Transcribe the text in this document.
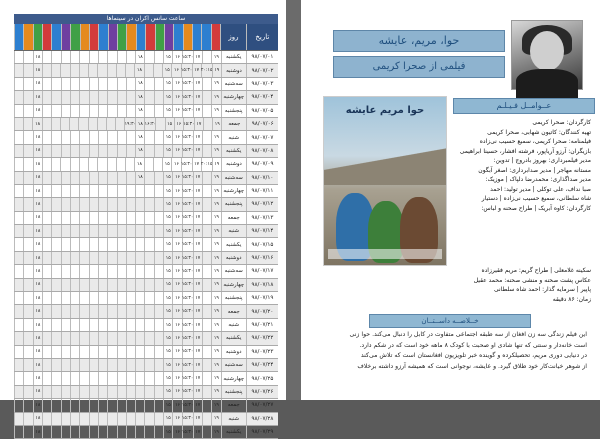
ساعت سانس اکران در سینماها
تاریخ
روز
۹۸/۰۷/۰۱
یکشنبه
۱۹
۱۷
۱۵:۳۰
۱۶
۱۵
۱۸
۱۸
۹۸/۰۷/۰۲
دوشنبه
۱۹
۲۰:۱۵
۱۷
۱۵:۳۰
۱۶
۱۵
۱۸
۱۸
۹۸/۰۷/۰۳
سه‌شنبه
۱۹
۱۷
۱۵:۳۰
۱۶
۱۵
۱۸
۱۸
۹۸/۰۷/۰۴
چهارشنبه
۱۹
۱۷
۱۵:۳۰
۱۶
۱۵
۱۸
۱۸
۹۸/۰۷/۰۵
پنجشنبه
۱۹
۱۷
۱۵:۳۰
۱۶
۱۵
۱۸
۱۸
۹۸/۰۷/۰۶
جمعه
۱۹
۱۷
۱۵:۳۰
۱۶
۱۵
۱۶:۳۰
۱۸
۱۹:۳۰
۱۸
۹۸/۰۷/۰۷
شنبه
۱۹
۱۷
۱۵:۳۰
۱۶
۱۵
۱۸
۱۸
۹۸/۰۷/۰۸
یکشنبه
۱۹
۱۷
۱۵:۳۰
۱۶
۱۵
۱۸
۱۸
۹۸/۰۷/۰۹
دوشنبه
۱۹
۲۰:۱۵
۱۷
۱۵:۳۰
۱۶
۱۵
۱۸
۱۸
۹۸/۰۷/۱۰
سه‌شنبه
۱۹
۱۷
۱۵:۳۰
۱۶
۱۵
۱۸
۱۸
۹۸/۰۷/۱۱
چهارشنبه
۱۹
۱۷
۱۵:۳۰
۱۶
۱۵
۱۸
۹۸/۰۷/۱۲
پنجشنبه
۱۹
۱۷
۱۵:۳۰
۱۶
۱۵
۱۸
۹۸/۰۷/۱۳
جمعه
۱۹
۱۷
۱۵:۳۰
۱۶
۱۵
۱۸
۹۸/۰۷/۱۴
شنبه
۱۹
۱۷
۱۵:۳۰
۱۶
۱۵
۱۸
۹۸/۰۷/۱۵
یکشنبه
۱۹
۱۷
۱۵:۳۰
۱۶
۱۵
۱۸
۹۸/۰۷/۱۶
دوشنبه
۱۹
۱۷
۱۵:۳۰
۱۶
۱۵
۱۸
۹۸/۰۷/۱۷
سه‌شنبه
۱۹
۱۷
۱۵:۳۰
۱۶
۱۵
۱۸
۹۸/۰۷/۱۸
چهارشنبه
۱۹
۱۷
۱۵:۳۰
۱۶
۱۵
۱۸
۹۸/۰۷/۱۹
پنجشنبه
۱۹
۱۷
۱۵:۳۰
۱۶
۱۵
۱۸
۹۸/۰۷/۲۰
جمعه
۱۹
۱۷
۱۵:۳۰
۱۶
۱۵
۱۸
۹۸/۰۷/۲۱
شنبه
۱۹
۱۷
۱۵:۳۰
۱۶
۱۵
۱۸
۹۸/۰۷/۲۲
یکشنبه
۱۹
۱۷
۱۵:۳۰
۱۶
۱۵
۱۸
۹۸/۰۷/۲۳
دوشنبه
۱۹
۱۷
۱۵:۳۰
۱۶
۱۵
۱۸
۹۸/۰۷/۲۴
سه‌شنبه
۱۹
۱۷
۱۵:۳۰
۱۶
۱۵
۱۸
۹۸/۰۷/۲۵
چهارشنبه
۱۹
۱۷
۱۵:۳۰
۱۶
۱۵
۱۸
۹۸/۰۷/۲۶
پنجشنبه
۱۹
۱۷
۱۵:۳۰
۱۶
۱۵
۱۸
۹۸/۰۷/۲۷
جمعه
۱۹
۱۷
۱۵:۳۰
۱۶
۱۵
۱۸
۹۸/۰۷/۲۸
شنبه
۱۹
۱۷
۱۵:۳۰
۱۶
۱۵
۱۸
۹۸/۰۷/۲۹
یکشنبه
۱۹
۱۷
۱۵:۳۰
۱۶
۱۵
۱۸
حوا، مریم، عایشه
فیلمی از صحرا کریمی
حوا مریم عایشه	عــوامــل فـیـلـم
کارگردان: صحرا کریمی
تهیه کنندگان: کاتیون شهابی، صحرا کریمی
فیلمنامه: صحرا کریمی، سمیع حسیب نی‌زاده
بازیگران: آرزو آریاپور، فرشته افشار، حسینا ابراهیمی
مدیر فیلمبرداری: بهروز بادروج | تدوین:
مستانه مهاجر | مدیر صدابرداری: اصغر آبگون
مدیر صداگذاری: محمدرضا دلپاک | موزیک:
صبا نداف، علی توکلی | مدیر تولید: احمد
شاه سلطانی، سمیع حسیب نی‌زاده | دستیار
کارگردان: کاوه آبریک | طراح صحنه و لباس:
سکینه غلامعلی | طراح گریم: مریم فقیرزاده
عکاس پشت صحنه و منشی صحنه: محمد عقیل
پاپیر | سرمایه گذار: احمد شاه سلطانی
زمان: ۸۶ دقیقه
خــلاصــه داســتــان
این فیلم زندگی سه زن افغان از سه طبقه اجتماعی متفاوت در کابل را دنبال می‌کند. حوا زنی
است خانه‌دار و سنتی که تنها شادی او صحبت با کودک ۸ ماهه خود است که در شکم دارد.
در دنیایی دوری مریم، تحصیلکرده و گوینده خبر تلویزیون افغانستان است که تلاش می‌کند
از شوهر خیانت‌کار خود طلاق گیرد. و عایشه، نوجوانی است که همیشه آرزو داشته برخلاف
